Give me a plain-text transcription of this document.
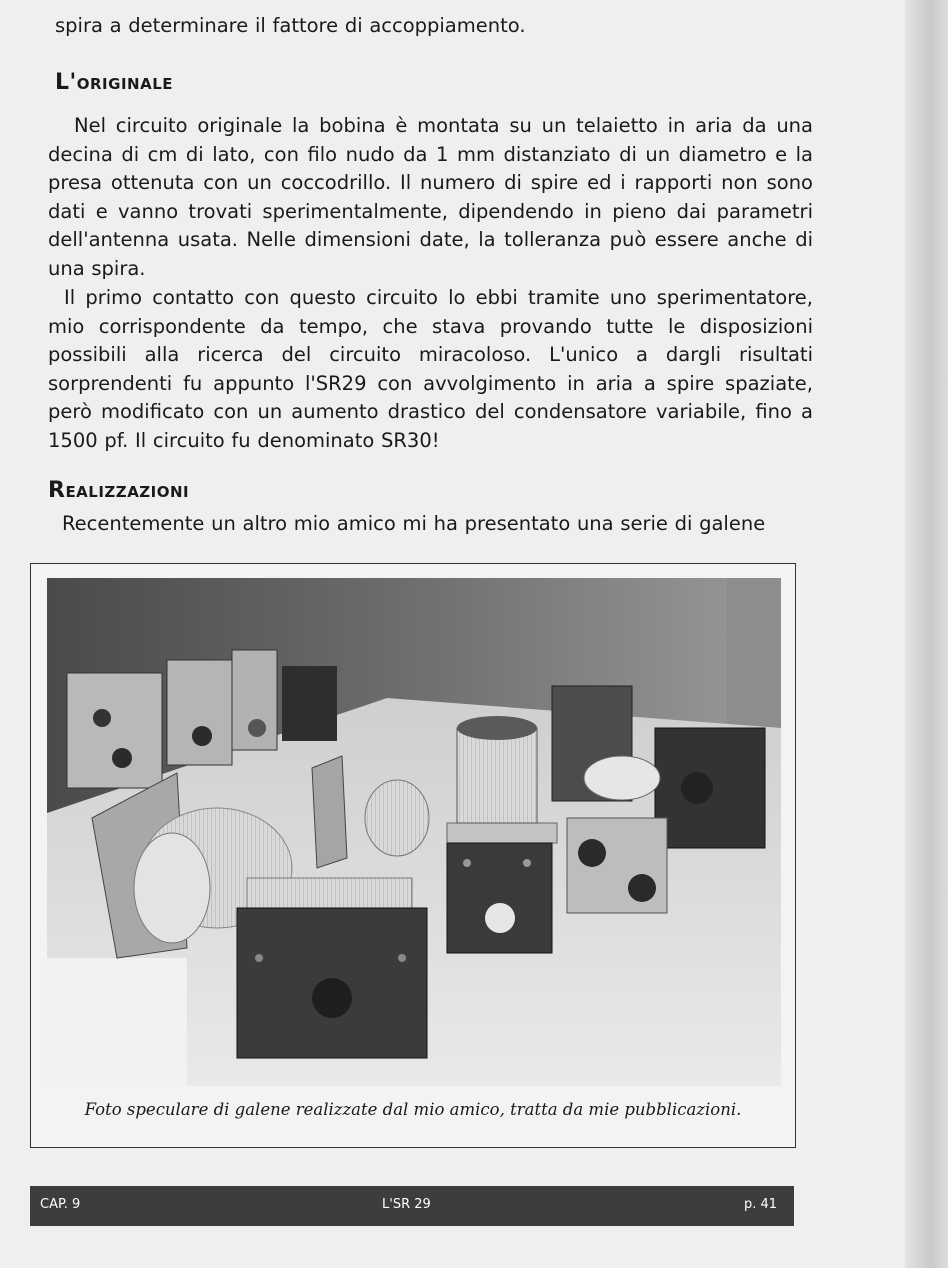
spira a determinare il fattore di accoppiamento.

L'originale

Nel circuito originale la bobina è montata su un telaietto in aria da una decina di cm di lato, con filo nudo da 1 mm distanziato di un diametro e la presa ottenuta con un coccodrillo. Il numero di spire ed i rapporti non sono dati e vanno trovati sperimentalmente, dipendendo in pieno dai parametri dell'antenna usata. Nelle dimensioni date, la tolleranza può essere anche di una spira.

Il primo contatto con questo circuito lo ebbi tramite uno sperimentatore, mio corrispondente da tempo, che stava provando tutte le disposizioni possibili alla ricerca del circuito miracoloso. L'unico a dargli risultati sorprendenti fu appunto l'SR29 con avvolgimento in aria a spire spaziate, però modificato con un aumento drastico del condensatore variabile, fino a 1500 pf. Il circuito fu denominato SR30!

Realizzazioni

Recentemente un altro mio amico mi ha presentato una serie di galene

Foto speculare di galene realizzate dal mio amico, tratta da mie pubblicazioni.
CAP. 9	L'SR 29	p. 41
